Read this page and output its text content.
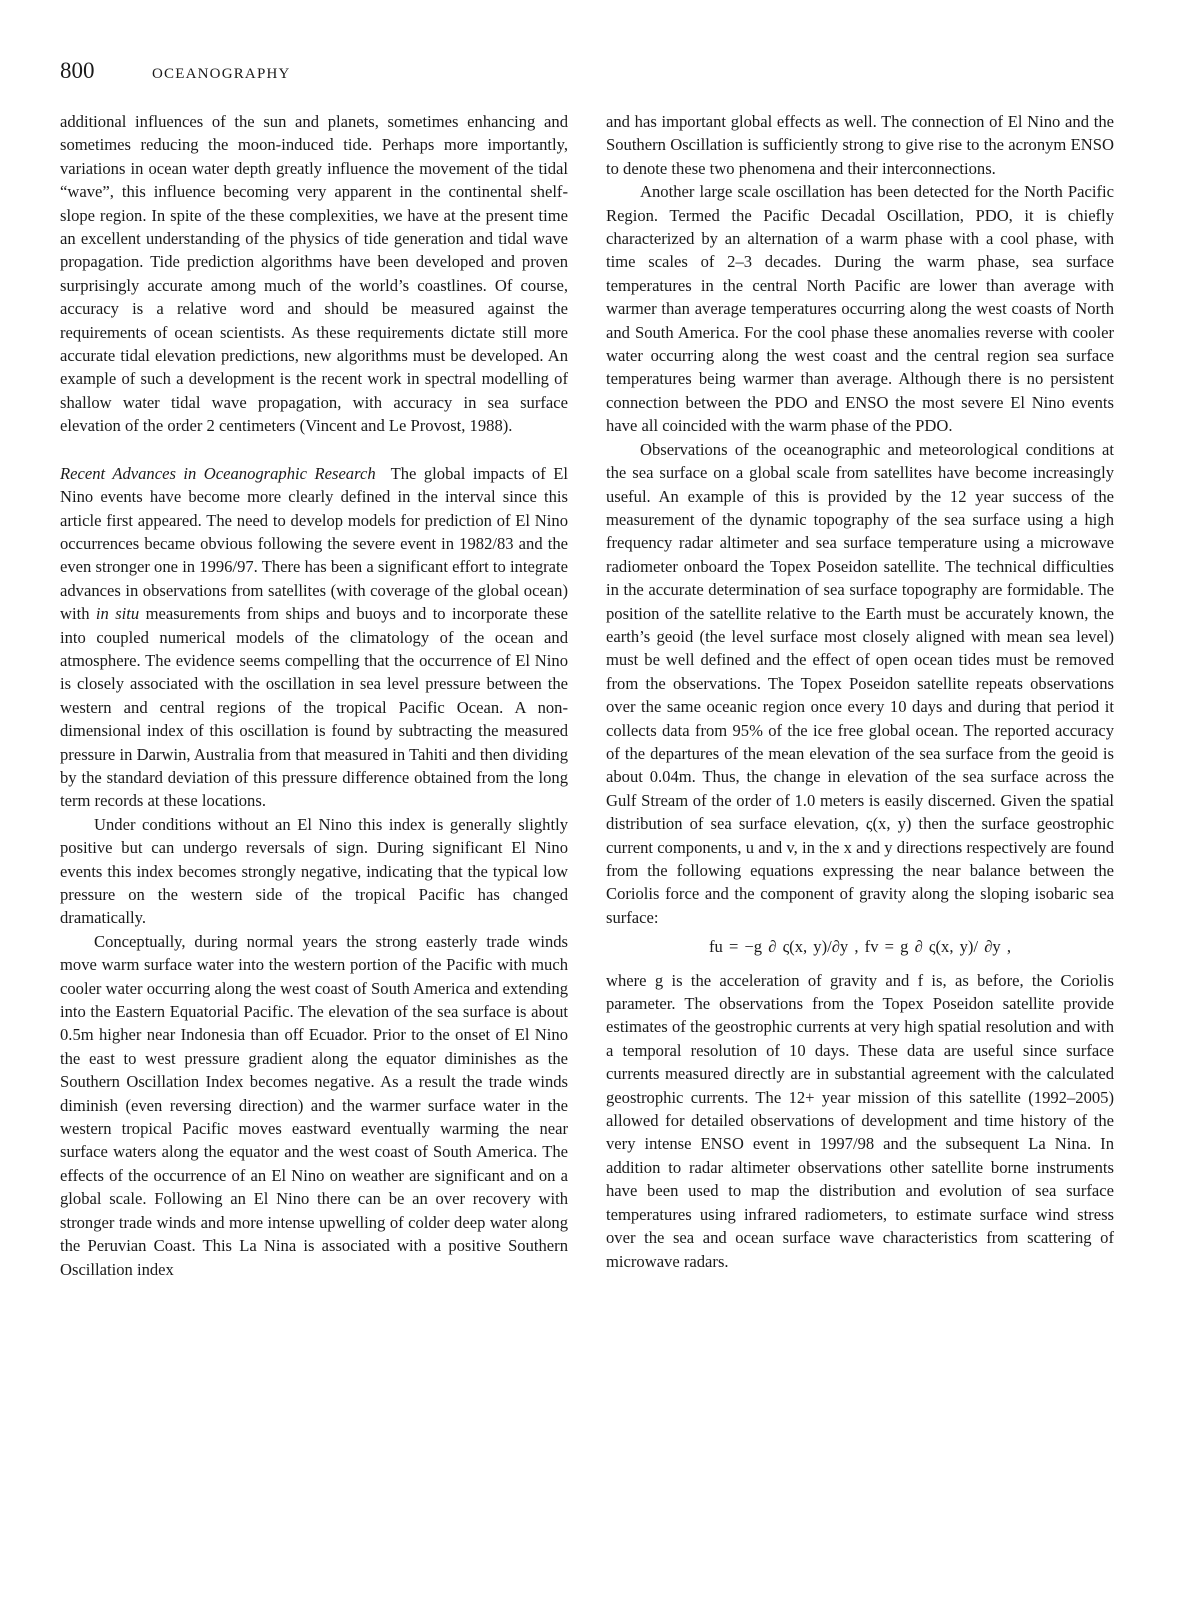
800	OCEANOGRAPHY

additional influences of the sun and planets, sometimes enhancing and sometimes reducing the moon-induced tide. Perhaps more importantly, variations in ocean water depth greatly influence the movement of the tidal “wave”, this influence becoming very apparent in the continental shelf-slope region. In spite of the these complexities, we have at the present time an excellent understanding of the physics of tide generation and tidal wave propagation. Tide prediction algorithms have been developed and proven surprisingly accurate among much of the world’s coastlines. Of course, accuracy is a relative word and should be measured against the requirements of ocean scientists. As these requirements dictate still more accurate tidal elevation predictions, new algorithms must be developed. An example of such a development is the recent work in spectral modelling of shallow water tidal wave propagation, with accuracy in sea surface elevation of the order 2 centimeters (Vincent and Le Provost, 1988).

Recent Advances in Oceanographic Research The global impacts of El Nino events have become more clearly defined in the interval since this article first appeared. The need to develop models for prediction of El Nino occurrences became obvious following the severe event in 1982/83 and the even stronger one in 1996/97. There has been a significant effort to integrate advances in observations from satellites (with coverage of the global ocean) with in situ measurements from ships and buoys and to incorporate these into coupled numerical models of the climatology of the ocean and atmosphere. The evidence seems compelling that the occurrence of El Nino is closely associated with the oscillation in sea level pressure between the western and central regions of the tropical Pacific Ocean. A non-dimensional index of this oscillation is found by subtracting the measured pressure in Darwin, Australia from that measured in Tahiti and then dividing by the standard deviation of this pressure difference obtained from the long term records at these locations.

Under conditions without an El Nino this index is generally slightly positive but can undergo reversals of sign. During significant El Nino events this index becomes strongly negative, indicating that the typical low pressure on the western side of the tropical Pacific has changed dramatically.

Conceptually, during normal years the strong easterly trade winds move warm surface water into the western portion of the Pacific with much cooler water occurring along the west coast of South America and extending into the Eastern Equatorial Pacific. The elevation of the sea surface is about 0.5m higher near Indonesia than off Ecuador. Prior to the onset of El Nino the east to west pressure gradient along the equator diminishes as the Southern Oscillation Index becomes negative. As a result the trade winds diminish (even reversing direction) and the warmer surface water in the western tropical Pacific moves eastward eventually warming the near surface waters along the equator and the west coast of South America. The effects of the occurrence of an El Nino on weather are significant and on a global scale. Following an El Nino there can be an over recovery with stronger trade winds and more intense upwelling of colder deep water along the Peruvian Coast. This La Nina is associated with a positive Southern Oscillation index

and has important global effects as well. The connection of El Nino and the Southern Oscillation is sufficiently strong to give rise to the acronym ENSO to denote these two phenomena and their interconnections.

Another large scale oscillation has been detected for the North Pacific Region. Termed the Pacific Decadal Oscillation, PDO, it is chiefly characterized by an alternation of a warm phase with a cool phase, with time scales of 2–3 decades. During the warm phase, sea surface temperatures in the central North Pacific are lower than average with warmer than average temperatures occurring along the west coasts of North and South America. For the cool phase these anomalies reverse with cooler water occurring along the west coast and the central region sea surface temperatures being warmer than average. Although there is no persistent connection between the PDO and ENSO the most severe El Nino events have all coincided with the warm phase of the PDO.

Observations of the oceanographic and meteorological conditions at the sea surface on a global scale from satellites have become increasingly useful. An example of this is provided by the 12 year success of the measurement of the dynamic topography of the sea surface using a high frequency radar altimeter and sea surface temperature using a microwave radiometer onboard the Topex Poseidon satellite. The technical difficulties in the accurate determination of sea surface topography are formidable. The position of the satellite relative to the Earth must be accurately known, the earth’s geoid (the level surface most closely aligned with mean sea level) must be well defined and the effect of open ocean tides must be removed from the observations. The Topex Poseidon satellite repeats observations over the same oceanic region once every 10 days and during that period it collects data from 95% of the ice free global ocean. The reported accuracy of the departures of the mean elevation of the sea surface from the geoid is about 0.04m. Thus, the change in elevation of the sea surface across the Gulf Stream of the order of 1.0 meters is easily discerned. Given the spatial distribution of sea surface elevation, ς(x, y) then the surface geostrophic current components, u and v, in the x and y directions respectively are found from the following equations expressing the near balance between the Coriolis force and the component of gravity along the sloping isobaric sea surface:

fu = −g ∂ ς(x, y)/∂y , fv = g ∂ ς(x, y)/ ∂y ,

where g is the acceleration of gravity and f is, as before, the Coriolis parameter. The observations from the Topex Poseidon satellite provide estimates of the geostrophic currents at very high spatial resolution and with a temporal resolution of 10 days. These data are useful since surface currents measured directly are in substantial agreement with the calculated geostrophic currents. The 12+ year mission of this satellite (1992–2005) allowed for detailed observations of development and time history of the very intense ENSO event in 1997/98 and the subsequent La Nina. In addition to radar altimeter observations other satellite borne instruments have been used to map the distribution and evolution of sea surface temperatures using infrared radiometers, to estimate surface wind stress over the sea and ocean surface wave characteristics from scattering of microwave radars.
